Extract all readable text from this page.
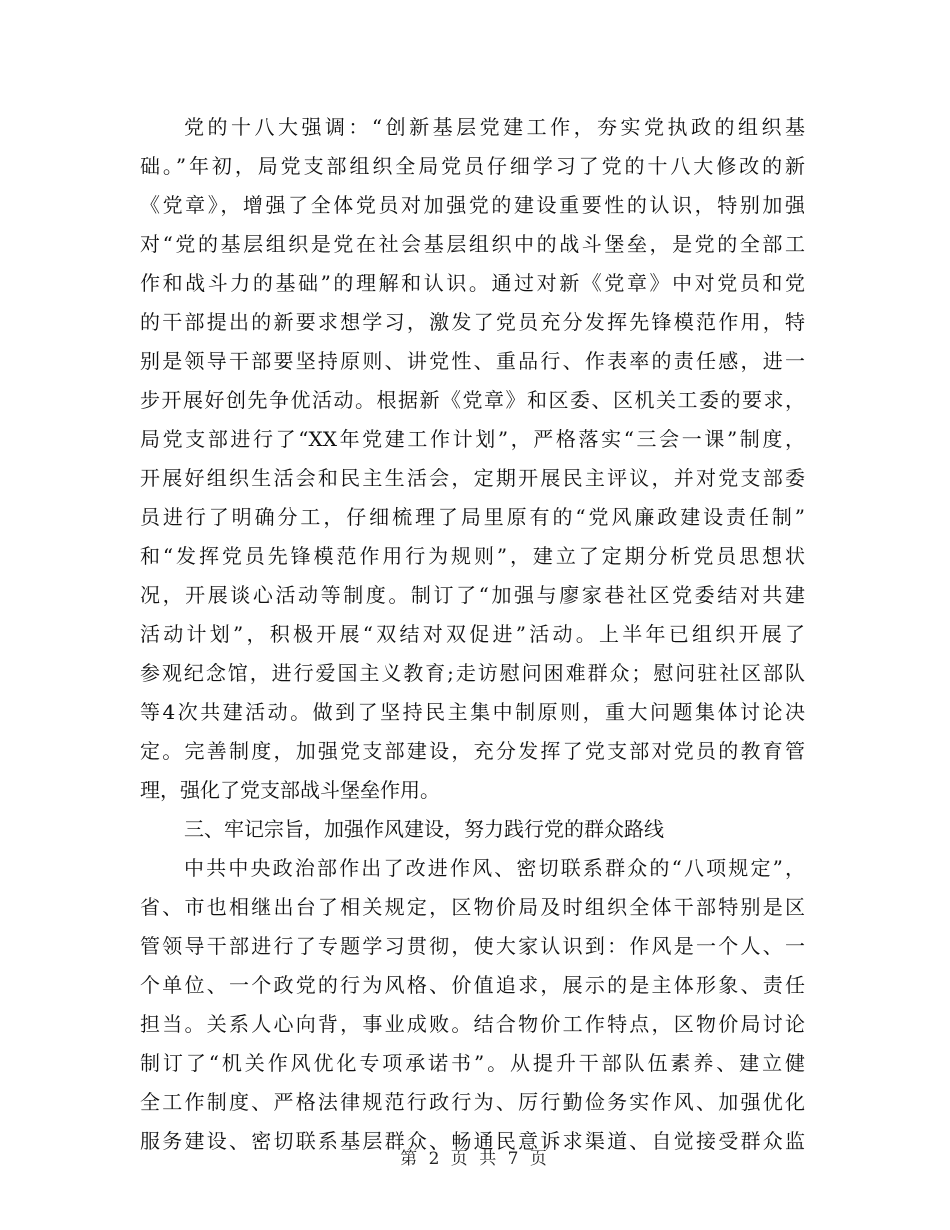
党的十八大强调：“创新基层党建工作，夯实党执政的组织基
础。”年初，局党支部组织全局党员仔细学习了党的十八大修改的新
《党章》，增强了全体党员对加强党的建设重要性的认识，特别加强
对“党的基层组织是党在社会基层组织中的战斗堡垒，是党的全部工
作和战斗力的基础”的理解和认识。通过对新《党章》中对党员和党
的干部提出的新要求想学习，激发了党员充分发挥先锋模范作用，特
别是领导干部要坚持原则、讲党性、重品行、作表率的责任感，进一
步开展好创先争优活动。根据新《党章》和区委、区机关工委的要求，
局党支部进行了“XX年党建工作计划”，严格落实“三会一课”制度，
开展好组织生活会和民主生活会，定期开展民主评议，并对党支部委
员进行了明确分工，仔细梳理了局里原有的“党风廉政建设责任制”
和“发挥党员先锋模范作用行为规则”，建立了定期分析党员思想状
况，开展谈心活动等制度。制订了“加强与廖家巷社区党委结对共建
活动计划”，积极开展“双结对双促进”活动。上半年已组织开展了
参观纪念馆，进行爱国主义教育;走访慰问困难群众；慰问驻社区部队
等4次共建活动。做到了坚持民主集中制原则，重大问题集体讨论决
定。完善制度，加强党支部建设，充分发挥了党支部对党员的教育管
理，强化了党支部战斗堡垒作用。
三、牢记宗旨，加强作风建设，努力践行党的群众路线
中共中央政治部作出了改进作风、密切联系群众的“八项规定”，
省、市也相继出台了相关规定，区物价局及时组织全体干部特别是区
管领导干部进行了专题学习贯彻，使大家认识到：作风是一个人、一
个单位、一个政党的行为风格、价值追求，展示的是主体形象、责任
担当。关系人心向背，事业成败。结合物价工作特点，区物价局讨论
制订了“机关作风优化专项承诺书”。从提升干部队伍素养、建立健
全工作制度、严格法律规范行政行为、厉行勤俭务实作风、加强优化
服务建设、密切联系基层群众、畅通民意诉求渠道、自觉接受群众监
第 2 页 共 7 页
